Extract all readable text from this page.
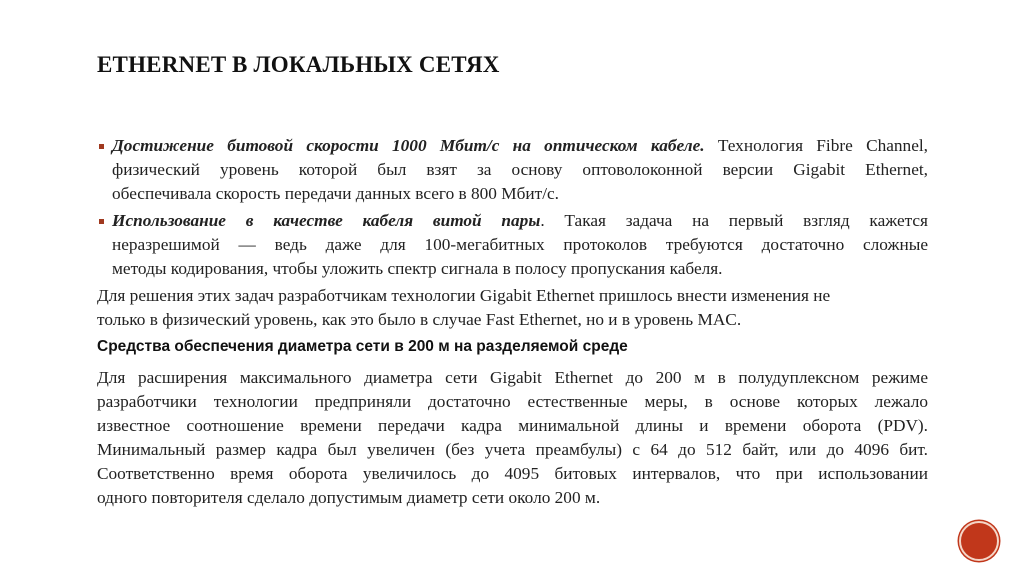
ETHERNET В ЛОКАЛЬНЫХ СЕТЯХ
Достижение битовой скорости 1000 Мбит/с на оптическом кабеле. Технология Fibre Channel,
физический уровень которой был взят за основу оптоволоконной версии Gigabit Ethernet,
обеспечивала скорость передачи данных всего в 800 Мбит/с.
Использование в качестве кабеля витой пары. Такая задача на первый взгляд кажется
неразрешимой — ведь даже для 100-мегабитных протоколов требуются достаточно сложные
методы кодирования, чтобы уложить спектр сигнала в полосу пропускания кабеля.
Для решения этих задач разработчикам технологии Gigabit Ethernet пришлось внести изменения не
только в физический уровень, как это было в случае Fast Ethernet, но и в уровень MAC.
Средства обеспечения диаметра сети в 200 м на разделяемой среде
Для расширения максимального диаметра сети Gigabit Ethernet до 200 м в полудуплексном режиме
разработчики технологии предприняли достаточно естественные меры, в основе которых лежало
известное соотношение времени передачи кадра минимальной длины и времени оборота (PDV).
Минимальный размер кадра был увеличен (без учета преамбулы) с 64 до 512 байт, или до 4096 бит.
Соответственно время оборота увеличилось до 4095 битовых интервалов, что при использовании
одного повторителя сделало допустимым диаметр сети около 200 м.
